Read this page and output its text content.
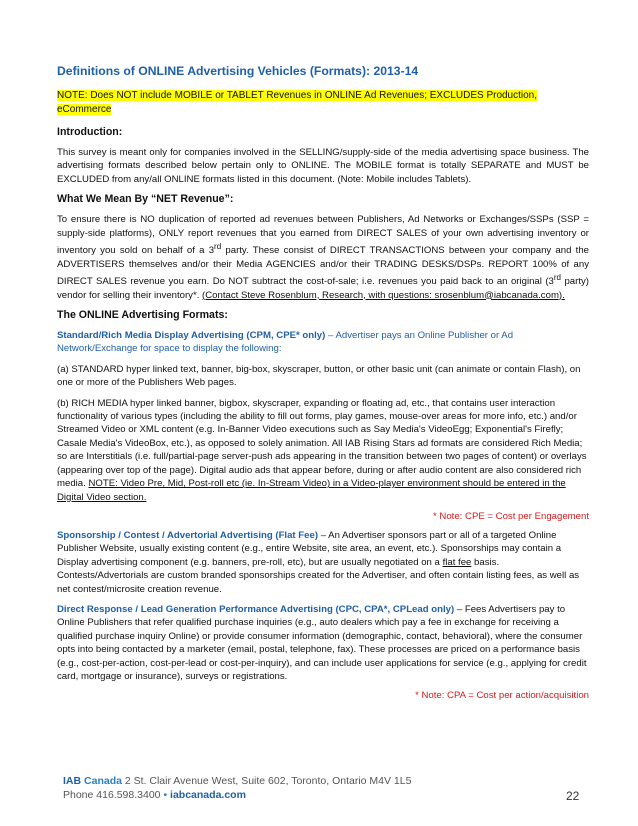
Definitions of ONLINE Advertising Vehicles (Formats): 2013-14
NOTE: Does NOT include MOBILE or TABLET Revenues in ONLINE Ad Revenues; EXCLUDES Production, eCommerce
Introduction:

This survey is meant only for companies involved in the SELLING/supply-side of the media advertising space business. The advertising formats described below pertain only to ONLINE. The MOBILE format is totally SEPARATE and MUST be EXCLUDED from any/all ONLINE formats listed in this document. (Note: Mobile includes Tablets).

What We Mean By “NET Revenue”:

To ensure there is NO duplication of reported ad revenues between Publishers, Ad Networks or Exchanges/SSPs (SSP = supply-side platforms), ONLY report revenues that you earned from DIRECT SALES of your own advertising inventory or inventory you sold on behalf of a 3rd party. These consist of DIRECT TRANSACTIONS between your company and the ADVERTISERS themselves and/or their Media AGENCIES and/or their TRADING DESKS/DSPs. REPORT 100% of any DIRECT SALES revenue you earn. Do NOT subtract the cost-of-sale; i.e. revenues you paid back to an original (3rd party) vendor for selling their inventory*. (Contact Steve Rosenblum, Research, with questions: srosenblum@iabcanada.com).

The ONLINE Advertising Formats:

Standard/Rich Media Display Advertising (CPM, CPE* only) – Advertiser pays an Online Publisher or Ad Network/Exchange for space to display the following:

(a) STANDARD hyper linked text, banner, big-box, skyscraper, button, or other basic unit (can animate or contain Flash), on one or more of the Publishers Web pages.

(b) RICH MEDIA hyper linked banner, bigbox, skyscraper, expanding or floating ad, etc., that contains user interaction functionality of various types (including the ability to fill out forms, play games, mouse-over areas for more info, etc.) and/or Streamed Video or XML content (e.g. In-Banner Video executions such as Say Media's VideoEgg; Exponential's Firefly; Casale Media's VideoBox, etc.), as opposed to solely animation. All IAB Rising Stars ad formats are considered Rich Media; so are Interstitials (i.e. full/partial-page server-push ads appearing in the transition between two pages of content) or overlays (appearing over top of the page). Digital audio ads that appear before, during or after audio content are also considered rich media. NOTE: Video Pre, Mid, Post-roll etc (ie. In-Stream Video) in a Video-player environment should be entered in the Digital Video section.

* Note: CPE = Cost per Engagement

Sponsorship / Contest / Advertorial Advertising (Flat Fee) – An Advertiser sponsors part or all of a targeted Online Publisher Website, usually existing content (e.g., entire Website, site area, an event, etc.). Sponsorships may contain a Display advertising component (e.g. banners, pre-roll, etc), but are usually negotiated on a flat fee basis. Contests/Advertorials are custom branded sponsorships created for the Advertiser, and often contain listing fees, as well as net contest/microsite creation revenue.

Direct Response / Lead Generation Performance Advertising (CPC, CPA*, CPLead only) – Fees Advertisers pay to Online Publishers that refer qualified purchase inquiries (e.g., auto dealers which pay a fee in exchange for receiving a qualified purchase inquiry Online) or provide consumer information (demographic, contact, behavioral), where the consumer opts into being contacted by a marketer (email, postal, telephone, fax). These processes are priced on a performance basis (e.g., cost-per-action, cost-per-lead or cost-per-inquiry), and can include user applications for service (e.g., applying for credit card, mortgage or insurance), surveys or registrations.

* Note: CPA = Cost per action/acquisition
IAB Canada 2 St. Clair Avenue West, Suite 602, Toronto, Ontario M4V 1L5
Phone 416.598.3400 • iabcanada.com	22
